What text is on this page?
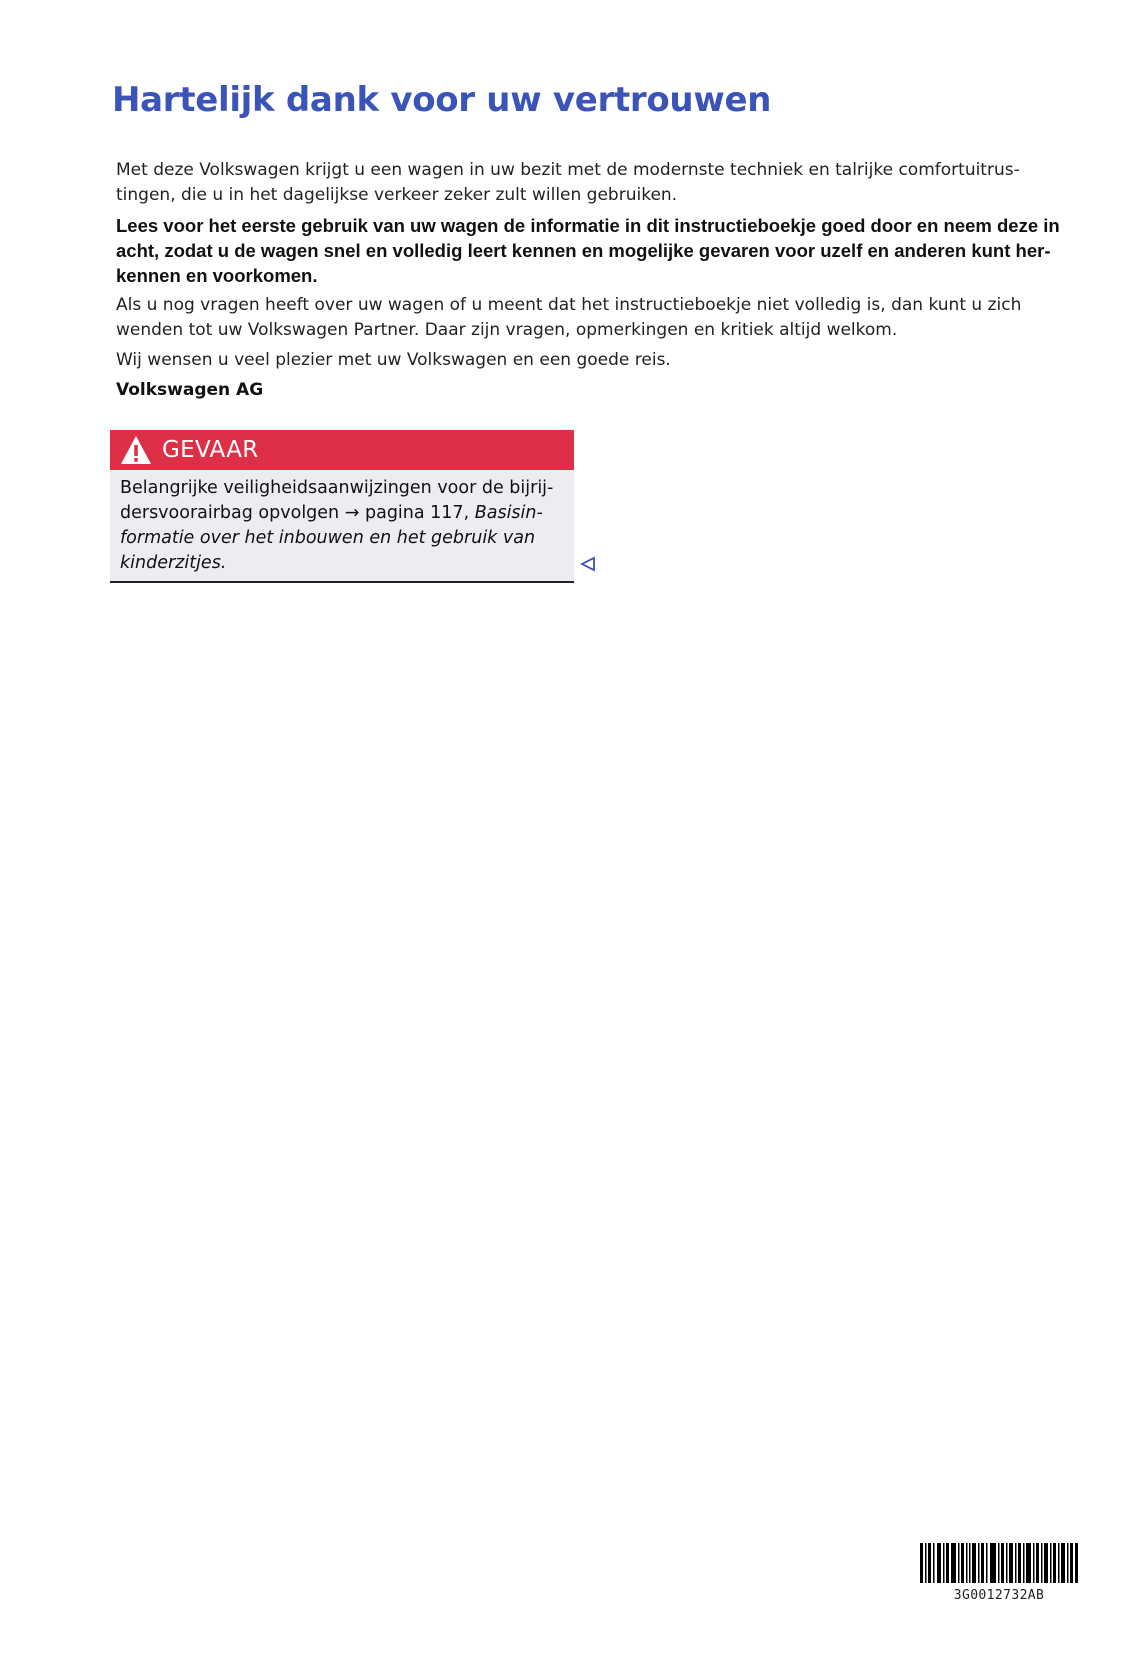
Hartelijk dank voor uw vertrouwen

Met deze Volkswagen krijgt u een wagen in uw bezit met de modernste techniek en talrijke comfortuitrustingen, die u in het dagelijkse verkeer zeker zult willen gebruiken.

Lees voor het eerste gebruik van uw wagen de informatie in dit instructieboekje goed door en neem deze in acht, zodat u de wagen snel en volledig leert kennen en mogelijke gevaren voor uzelf en anderen kunt herkennen en voorkomen.

Als u nog vragen heeft over uw wagen of u meent dat het instructieboekje niet volledig is, dan kunt u zich wenden tot uw Volkswagen Partner. Daar zijn vragen, opmerkingen en kritiek altijd welkom.

Wij wensen u veel plezier met uw Volkswagen en een goede reis.

Volkswagen AG

GEVAAR
Belangrijke veiligheidsaanwijzingen voor de bijrijdersvoorairbag opvolgen → pagina 117, Basisinformatie over het inbouwen en het gebruik van kinderzitjes.
3G0012732AB
